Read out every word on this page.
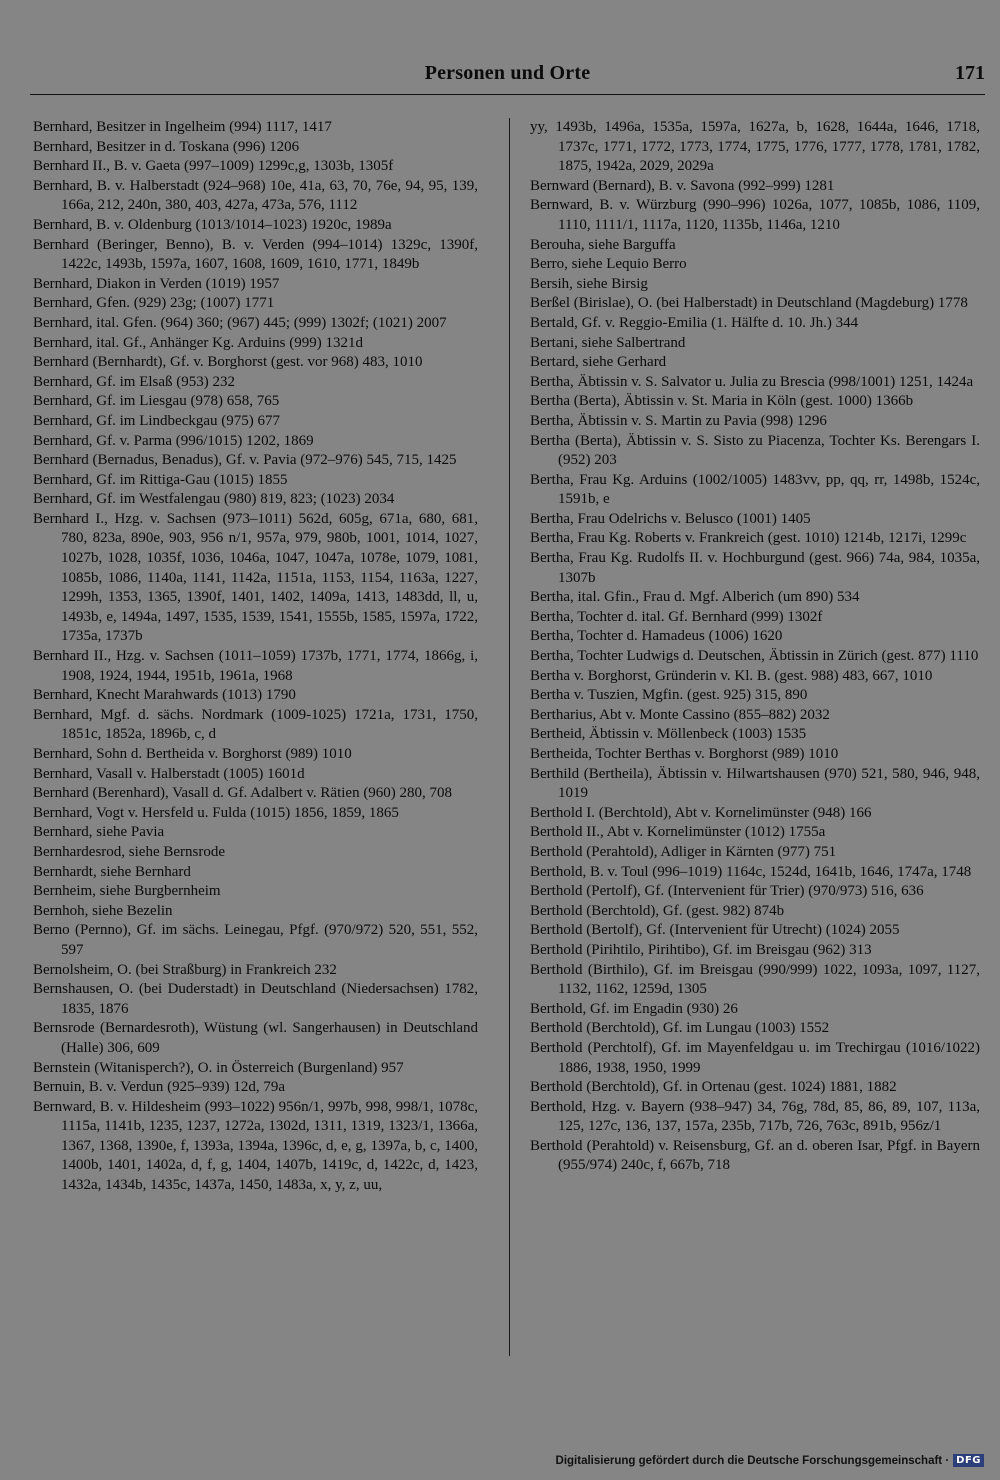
Personen und Orte	171

Bernhard, Besitzer in Ingelheim (994) 1117, 1417

Bernhard, Besitzer in d. Toskana (996) 1206

Bernhard II., B. v. Gaeta (997–1009) 1299c,g, 1303b, 1305f

Bernhard, B. v. Halberstadt (924–968) 10e, 41a, 63, 70, 76e, 94, 95, 139, 166a, 212, 240n, 380, 403, 427a, 473a, 576, 1112

Bernhard, B. v. Oldenburg (1013/1014–1023) 1920c, 1989a

Bernhard (Beringer, Benno), B. v. Verden (994–1014) 1329c, 1390f, 1422c, 1493b, 1597a, 1607, 1608, 1609, 1610, 1771, 1849b

Bernhard, Diakon in Verden (1019) 1957

Bernhard, Gfen. (929) 23g; (1007) 1771

Bernhard, ital. Gfen. (964) 360; (967) 445; (999) 1302f; (1021) 2007

Bernhard, ital. Gf., Anhänger Kg. Arduins (999) 1321d

Bernhard (Bernhardt), Gf. v. Borghorst (gest. vor 968) 483, 1010

Bernhard, Gf. im Elsaß (953) 232

Bernhard, Gf. im Liesgau (978) 658, 765

Bernhard, Gf. im Lindbeckgau (975) 677

Bernhard, Gf. v. Parma (996/1015) 1202, 1869

Bernhard (Bernadus, Benadus), Gf. v. Pavia (972–976) 545, 715, 1425

Bernhard, Gf. im Rittiga-Gau (1015) 1855

Bernhard, Gf. im Westfalengau (980) 819, 823; (1023) 2034

Bernhard I., Hzg. v. Sachsen (973–1011) 562d, 605g, 671a, 680, 681, 780, 823a, 890e, 903, 956 n/1, 957a, 979, 980b, 1001, 1014, 1027, 1027b, 1028, 1035f, 1036, 1046a, 1047, 1047a, 1078e, 1079, 1081, 1085b, 1086, 1140a, 1141, 1142a, 1151a, 1153, 1154, 1163a, 1227, 1299h, 1353, 1365, 1390f, 1401, 1402, 1409a, 1413, 1483dd, ll, u, 1493b, e, 1494a, 1497, 1535, 1539, 1541, 1555b, 1585, 1597a, 1722, 1735a, 1737b

Bernhard II., Hzg. v. Sachsen (1011–1059) 1737b, 1771, 1774, 1866g, i, 1908, 1924, 1944, 1951b, 1961a, 1968

Bernhard, Knecht Marahwards (1013) 1790

Bernhard, Mgf. d. sächs. Nordmark (1009-1025) 1721a, 1731, 1750, 1851c, 1852a, 1896b, c, d

Bernhard, Sohn d. Bertheida v. Borghorst (989) 1010

Bernhard, Vasall v. Halberstadt (1005) 1601d

Bernhard (Berenhard), Vasall d. Gf. Adalbert v. Rätien (960) 280, 708

Bernhard, Vogt v. Hersfeld u. Fulda (1015) 1856, 1859, 1865

Bernhard, siehe Pavia

Bernhardesrod, siehe Bernsrode

Bernhardt, siehe Bernhard

Bernheim, siehe Burgbernheim

Bernhoh, siehe Bezelin

Berno (Pernno), Gf. im sächs. Leinegau, Pfgf. (970/972) 520, 551, 552, 597

Bernolsheim, O. (bei Straßburg) in Frankreich 232

Bernshausen, O. (bei Duderstadt) in Deutschland (Niedersachsen) 1782, 1835, 1876

Bernsrode (Bernardesroth), Wüstung (wl. Sangerhausen) in Deutschland (Halle) 306, 609

Bernstein (Witanisperch?), O. in Österreich (Burgenland) 957

Bernuin, B. v. Verdun (925–939) 12d, 79a

Bernward, B. v. Hildesheim (993–1022) 956n/1, 997b, 998, 998/1, 1078c, 1115a, 1141b, 1235, 1237, 1272a, 1302d, 1311, 1319, 1323/1, 1366a, 1367, 1368, 1390e, f, 1393a, 1394a, 1396c, d, e, g, 1397a, b, c, 1400, 1400b, 1401, 1402a, d, f, g, 1404, 1407b, 1419c, d, 1422c, d, 1423, 1432a, 1434b, 1435c, 1437a, 1450, 1483a, x, y, z, uu,

yy, 1493b, 1496a, 1535a, 1597a, 1627a, b, 1628, 1644a, 1646, 1718, 1737c, 1771, 1772, 1773, 1774, 1775, 1776, 1777, 1778, 1781, 1782, 1875, 1942a, 2029, 2029a

Bernward (Bernard), B. v. Savona (992–999) 1281

Bernward, B. v. Würzburg (990–996) 1026a, 1077, 1085b, 1086, 1109, 1110, 1111/1, 1117a, 1120, 1135b, 1146a, 1210

Berouha, siehe Barguffa

Berro, siehe Lequio Berro

Bersih, siehe Birsig

Berßel (Birislae), O. (bei Halberstadt) in Deutschland (Magdeburg) 1778

Bertald, Gf. v. Reggio-Emilia (1. Hälfte d. 10. Jh.) 344

Bertani, siehe Salbertrand

Bertard, siehe Gerhard

Bertha, Äbtissin v. S. Salvator u. Julia zu Brescia (998/1001) 1251, 1424a

Bertha (Berta), Äbtissin v. St. Maria in Köln (gest. 1000) 1366b

Bertha, Äbtissin v. S. Martin zu Pavia (998) 1296

Bertha (Berta), Äbtissin v. S. Sisto zu Piacenza, Tochter Ks. Berengars I. (952) 203

Bertha, Frau Kg. Arduins (1002/1005) 1483vv, pp, qq, rr, 1498b, 1524c, 1591b, e

Bertha, Frau Odelrichs v. Belusco (1001) 1405

Bertha, Frau Kg. Roberts v. Frankreich (gest. 1010) 1214b, 1217i, 1299c

Bertha, Frau Kg. Rudolfs II. v. Hochburgund (gest. 966) 74a, 984, 1035a, 1307b

Bertha, ital. Gfin., Frau d. Mgf. Alberich (um 890) 534

Bertha, Tochter d. ital. Gf. Bernhard (999) 1302f

Bertha, Tochter d. Hamadeus (1006) 1620

Bertha, Tochter Ludwigs d. Deutschen, Äbtissin in Zürich (gest. 877) 1110

Bertha v. Borghorst, Gründerin v. Kl. B. (gest. 988) 483, 667, 1010

Bertha v. Tuszien, Mgfin. (gest. 925) 315, 890

Bertharius, Abt v. Monte Cassino (855–882) 2032

Bertheid, Äbtissin v. Möllenbeck (1003) 1535

Bertheida, Tochter Berthas v. Borghorst (989) 1010

Berthild (Bertheila), Äbtissin v. Hilwartshausen (970) 521, 580, 946, 948, 1019

Berthold I. (Berchtold), Abt v. Kornelimünster (948) 166

Berthold II., Abt v. Kornelimünster (1012) 1755a

Berthold (Perahtold), Adliger in Kärnten (977) 751

Berthold, B. v. Toul (996–1019) 1164c, 1524d, 1641b, 1646, 1747a, 1748

Berthold (Pertolf), Gf. (Intervenient für Trier) (970/973) 516, 636

Berthold (Berchtold), Gf. (gest. 982) 874b

Berthold (Bertolf), Gf. (Intervenient für Utrecht) (1024) 2055

Berthold (Pirihtilo, Pirihtibo), Gf. im Breisgau (962) 313

Berthold (Birthilo), Gf. im Breisgau (990/999) 1022, 1093a, 1097, 1127, 1132, 1162, 1259d, 1305

Berthold, Gf. im Engadin (930) 26

Berthold (Berchtold), Gf. im Lungau (1003) 1552

Berthold (Perchtolf), Gf. im Mayenfeldgau u. im Trechirgau (1016/1022) 1886, 1938, 1950, 1999

Berthold (Berchtold), Gf. in Ortenau (gest. 1024) 1881, 1882

Berthold, Hzg. v. Bayern (938–947) 34, 76g, 78d, 85, 86, 89, 107, 113a, 125, 127c, 136, 137, 157a, 235b, 717b, 726, 763c, 891b, 956z/1

Berthold (Perahtold) v. Reisensburg, Gf. an d. oberen Isar, Pfgf. in Bayern (955/974) 240c, f, 667b, 718

Digitalisierung gefördert durch die Deutsche Forschungsgemeinschaft · DFG
